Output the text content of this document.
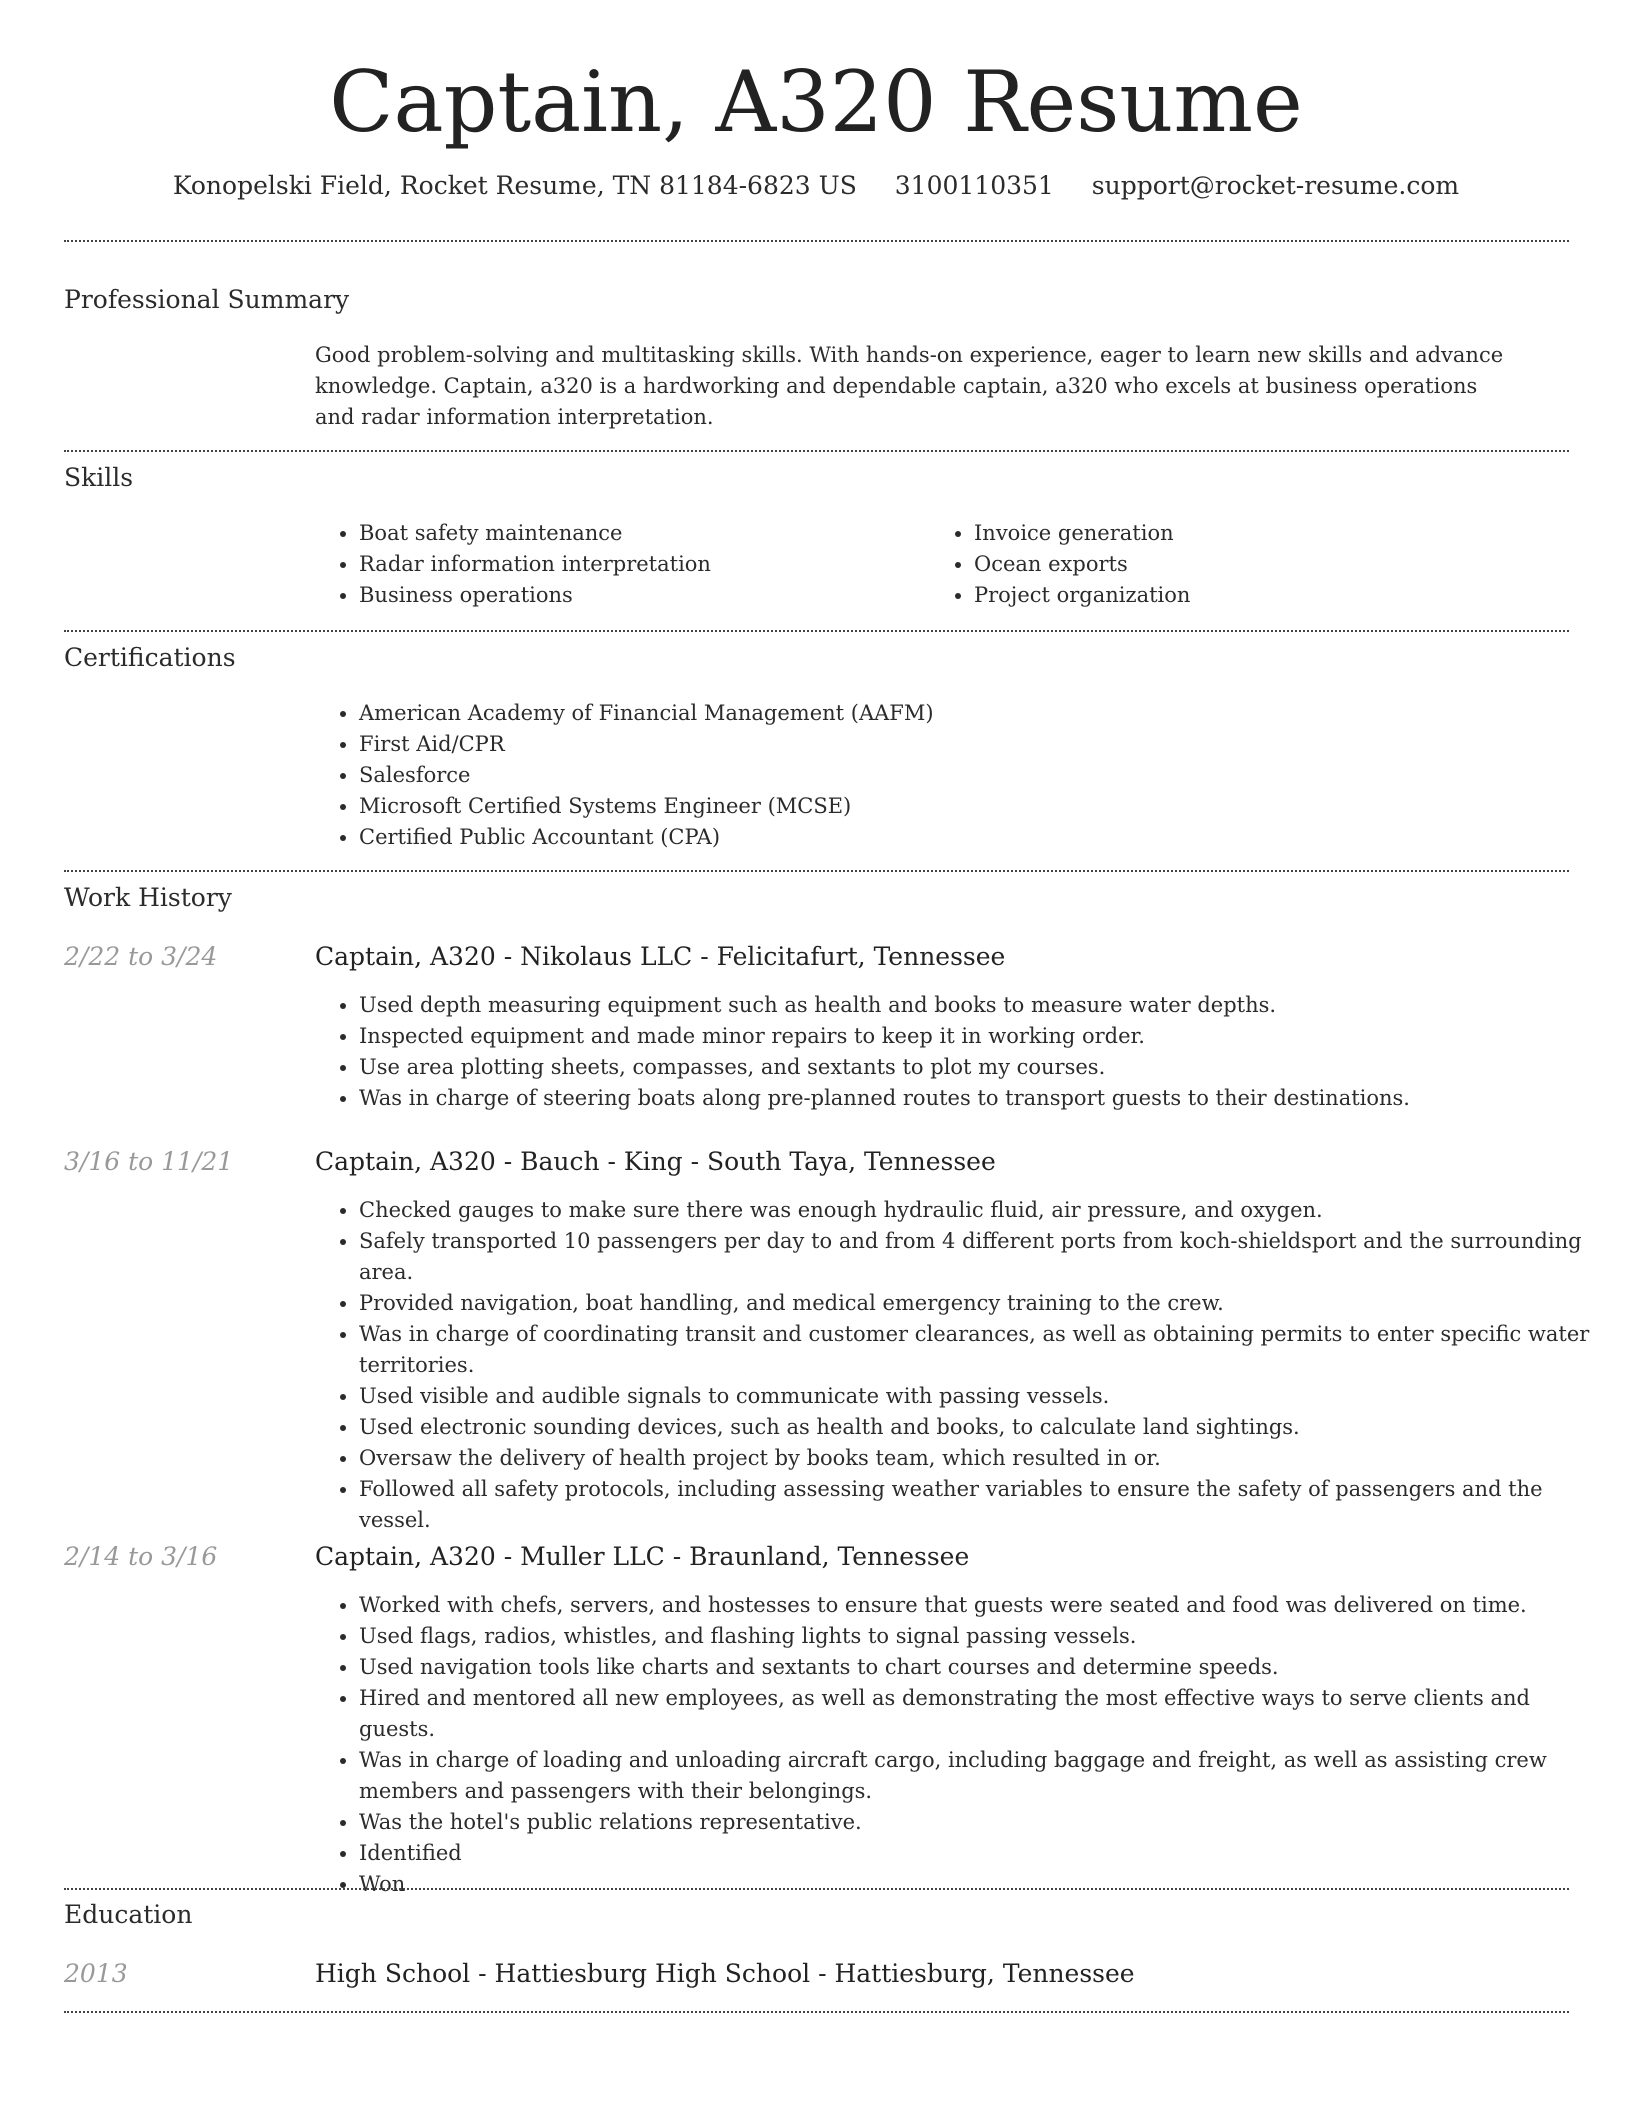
Captain, A320 Resume
Konopelski Field, Rocket Resume, TN 81184-6823 US 3100110351 support@rocket-resume.com
Professional Summary

Good problem-solving and multitasking skills. With hands-on experience, eager to learn new skills and advance knowledge. Captain, a320 is a hardworking and dependable captain, a320 who excels at business operations and radar information interpretation.

Skills
• Boat safety maintenance
• Radar information interpretation
• Business operations
• Invoice generation
• Ocean exports
• Project organization
Certifications
• American Academy of Financial Management (AAFM)
• First Aid/CPR
• Salesforce
• Microsoft Certified Systems Engineer (MCSE)
• Certified Public Accountant (CPA)
Work History
2/22 to 3/24	Captain, A320 - Nikolaus LLC - Felicitafurt, Tennessee
• Used depth measuring equipment such as health and books to measure water depths.
• Inspected equipment and made minor repairs to keep it in working order.
• Use area plotting sheets, compasses, and sextants to plot my courses.
• Was in charge of steering boats along pre-planned routes to transport guests to their destinations.
3/16 to 11/21	Captain, A320 - Bauch - King - South Taya, Tennessee
• Checked gauges to make sure there was enough hydraulic fluid, air pressure, and oxygen.
• Safely transported 10 passengers per day to and from 4 different ports from koch-shieldsport and the surrounding area.
• Provided navigation, boat handling, and medical emergency training to the crew.
• Was in charge of coordinating transit and customer clearances, as well as obtaining permits to enter specific water territories.
• Used visible and audible signals to communicate with passing vessels.
• Used electronic sounding devices, such as health and books, to calculate land sightings.
• Oversaw the delivery of health project by books team, which resulted in or.
• Followed all safety protocols, including assessing weather variables to ensure the safety of passengers and the vessel.
2/14 to 3/16	Captain, A320 - Muller LLC - Braunland, Tennessee
• Worked with chefs, servers, and hostesses to ensure that guests were seated and food was delivered on time.
• Used flags, radios, whistles, and flashing lights to signal passing vessels.
• Used navigation tools like charts and sextants to chart courses and determine speeds.
• Hired and mentored all new employees, as well as demonstrating the most effective ways to serve clients and guests.
• Was in charge of loading and unloading aircraft cargo, including baggage and freight, as well as assisting crew members and passengers with their belongings.
• Was the hotel's public relations representative.
• Identified
• Won
Education
2013	High School - Hattiesburg High School - Hattiesburg, Tennessee
